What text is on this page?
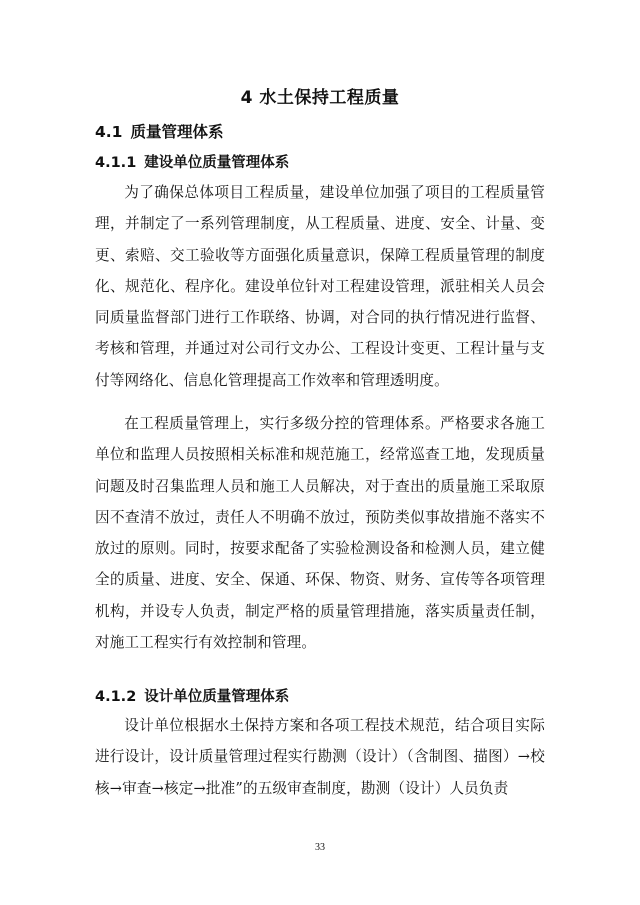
4 水土保持工程质量
4.1 质量管理体系
4.1.1 建设单位质量管理体系

为了确保总体项目工程质量，建设单位加强了项目的工程质量管理，并制定了一系列管理制度，从工程质量、进度、安全、计量、变更、索赔、交工验收等方面强化质量意识，保障工程质量管理的制度化、规范化、程序化。建设单位针对工程建设管理，派驻相关人员会同质量监督部门进行工作联络、协调，对合同的执行情况进行监督、考核和管理，并通过对公司行文办公、工程设计变更、工程计量与支付等网络化、信息化管理提高工作效率和管理透明度。

在工程质量管理上，实行多级分控的管理体系。严格要求各施工单位和监理人员按照相关标准和规范施工，经常巡查工地，发现质量问题及时召集监理人员和施工人员解决，对于查出的质量施工采取原因不查清不放过，责任人不明确不放过，预防类似事故措施不落实不放过的原则。同时，按要求配备了实验检测设备和检测人员，建立健全的质量、进度、安全、保通、环保、物资、财务、宣传等各项管理机构，并设专人负责，制定严格的质量管理措施，落实质量责任制，对施工工程实行有效控制和管理。

4.1.2 设计单位质量管理体系

设计单位根据水土保持方案和各项工程技术规范，结合项目实际进行设计，设计质量管理过程实行勘测（设计）（含制图、描图）→校核→审查→核定→批准”的五级审查制度，勘测（设计）人员负责

33
